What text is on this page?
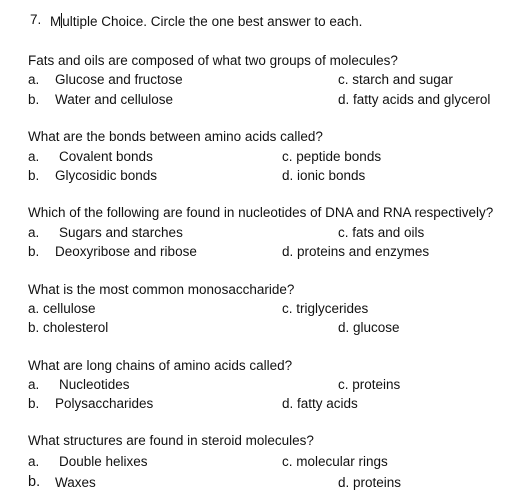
7. Multiple Choice. Circle the one best answer to each.
Fats and oils are composed of what two groups of molecules?
a. Glucose and fructose
b. Water and cellulose
c. starch and sugar
d. fatty acids and glycerol
What are the bonds between amino acids called?
a. Covalent bonds
b. Glycosidic bonds
c. peptide bonds
d. ionic bonds
Which of the following are found in nucleotides of DNA and RNA respectively?
a. Sugars and starches
b. Deoxyribose and ribose
c. fats and oils
d. proteins and enzymes
What is the most common monosaccharide?
a. cellulose
b. cholesterol
c. triglycerides
d. glucose
What are long chains of amino acids called?
a. Nucleotides
b. Polysaccharides
c. proteins
d. fatty acids
What structures are found in steroid molecules?
a. Double helixes
b. Waxes
c. molecular rings
d. proteins
